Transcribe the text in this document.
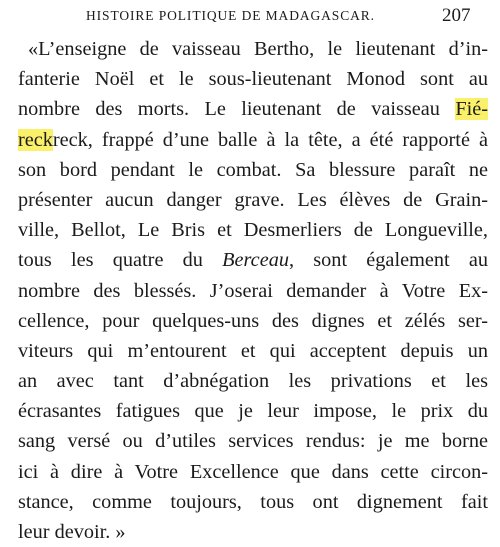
HISTOIRE POLITIQUE DE MADAGASCAR.	207
«L’enseigne de vaisseau Bertho, le lieutenant d’in-
fanterie Noël et le sous-lieutenant Monod sont au
nombre des morts. Le lieutenant de vaisseau Fié-
reckreck, frappé d’une balle à la tête, a été rapporté à
son bord pendant le combat. Sa blessure paraît ne
présenter aucun danger grave. Les élèves de Grain-
ville, Bellot, Le Bris et Desmerliers de Longueville,
tous les quatre du Berceau, sont également au
nombre des blessés. J’oserai demander à Votre Ex-
cellence, pour quelques-uns des dignes et zélés ser-
viteurs qui m’entourent et qui acceptent depuis un
an avec tant d’abnégation les privations et les
écrasantes fatigues que je leur impose, le prix du
sang versé ou d’utiles services rendus: je me borne
ici à dire à Votre Excellence que dans cette circon-
stance, comme toujours, tous ont dignement fait
leur devoir. »
